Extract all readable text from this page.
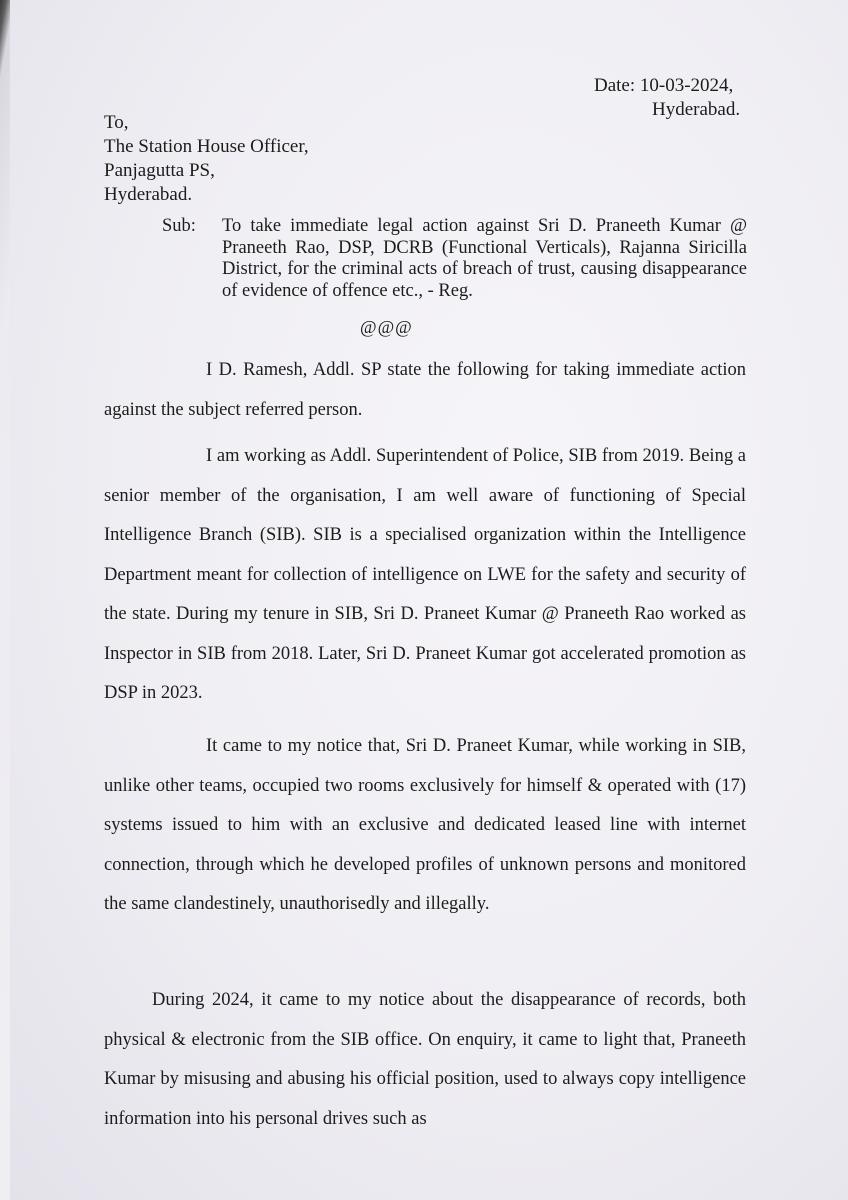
Date: 10-03-2024,
Hyderabad.
To,
The Station House Officer,
Panjagutta PS,
Hyderabad.
Sub: To take immediate legal action against Sri D. Praneeth Kumar @ Praneeth Rao, DSP, DCRB (Functional Verticals), Rajanna Siricilla District, for the criminal acts of breach of trust, causing disappearance of evidence of offence etc., - Reg.
@@@
I D. Ramesh, Addl. SP state the following for taking immediate action against the subject referred person.
I am working as Addl. Superintendent of Police, SIB from 2019. Being a senior member of the organisation, I am well aware of functioning of Special Intelligence Branch (SIB). SIB is a specialised organization within the Intelligence Department meant for collection of intelligence on LWE for the safety and security of the state. During my tenure in SIB, Sri D. Praneet Kumar @ Praneeth Rao worked as Inspector in SIB from 2018. Later, Sri D. Praneet Kumar got accelerated promotion as DSP in 2023.
It came to my notice that, Sri D. Praneet Kumar, while working in SIB, unlike other teams, occupied two rooms exclusively for himself & operated with (17) systems issued to him with an exclusive and dedicated leased line with internet connection, through which he developed profiles of unknown persons and monitored the same clandestinely, unauthorisedly and illegally.
During 2024, it came to my notice about the disappearance of records, both physical & electronic from the SIB office. On enquiry, it came to light that, Praneeth Kumar by misusing and abusing his official position, used to always copy intelligence information into his personal drives such as
